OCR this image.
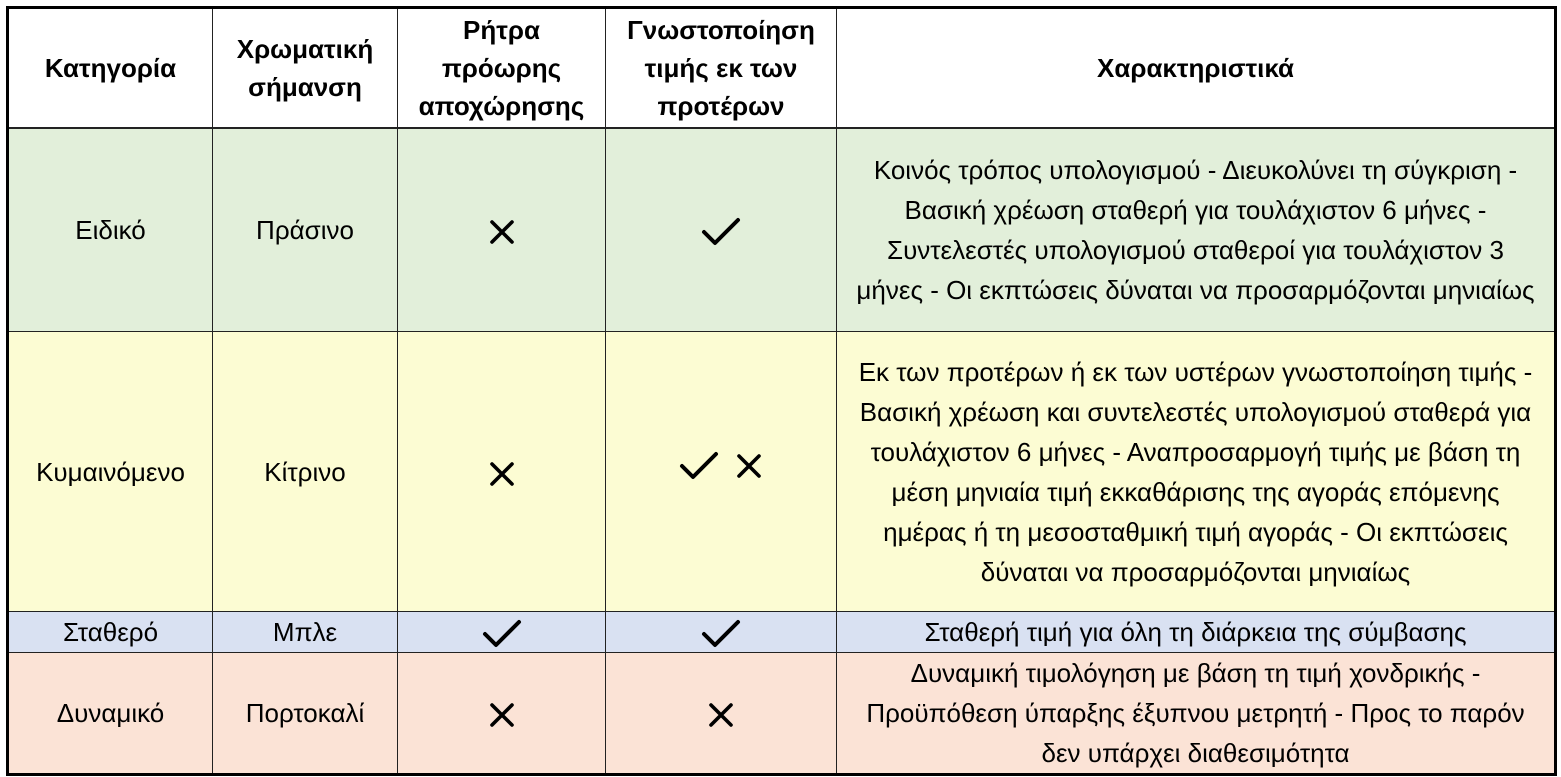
Κατηγορία	Χρωματική σήμανση	Ρήτρα πρόωρης αποχώρησης	Γνωστοποίηση τιμής εκ των προτέρων	Χαρακτηριστικά
Ειδικό	Πράσινο			Κοινός τρόπος υπολογισμού - Διευκολύνει τη σύγκριση - Βασική χρέωση σταθερή για τουλάχιστον 6 μήνες - Συντελεστές υπολογισμού σταθεροί για τουλάχιστον 3 μήνες - Οι εκπτώσεις δύναται να προσαρμόζονται μηνιαίως
Κυμαινόμενο	Κίτρινο			Εκ των προτέρων ή εκ των υστέρων γνωστοποίηση τιμής - Βασική χρέωση και συντελεστές υπολογισμού σταθερά για τουλάχιστον 6 μήνες - Αναπροσαρμογή τιμής με βάση τη μέση μηνιαία τιμή εκκαθάρισης της αγοράς επόμενης ημέρας ή τη μεσοσταθμική τιμή αγοράς - Οι εκπτώσεις δύναται να προσαρμόζονται μηνιαίως
Σταθερό	Μπλε			Σταθερή τιμή για όλη τη διάρκεια της σύμβασης
Δυναμικό	Πορτοκαλί			Δυναμική τιμολόγηση με βάση τη τιμή χονδρικής - Προϋπόθεση ύπαρξης έξυπνου μετρητή - Προς το παρόν δεν υπάρχει διαθεσιμότητα
